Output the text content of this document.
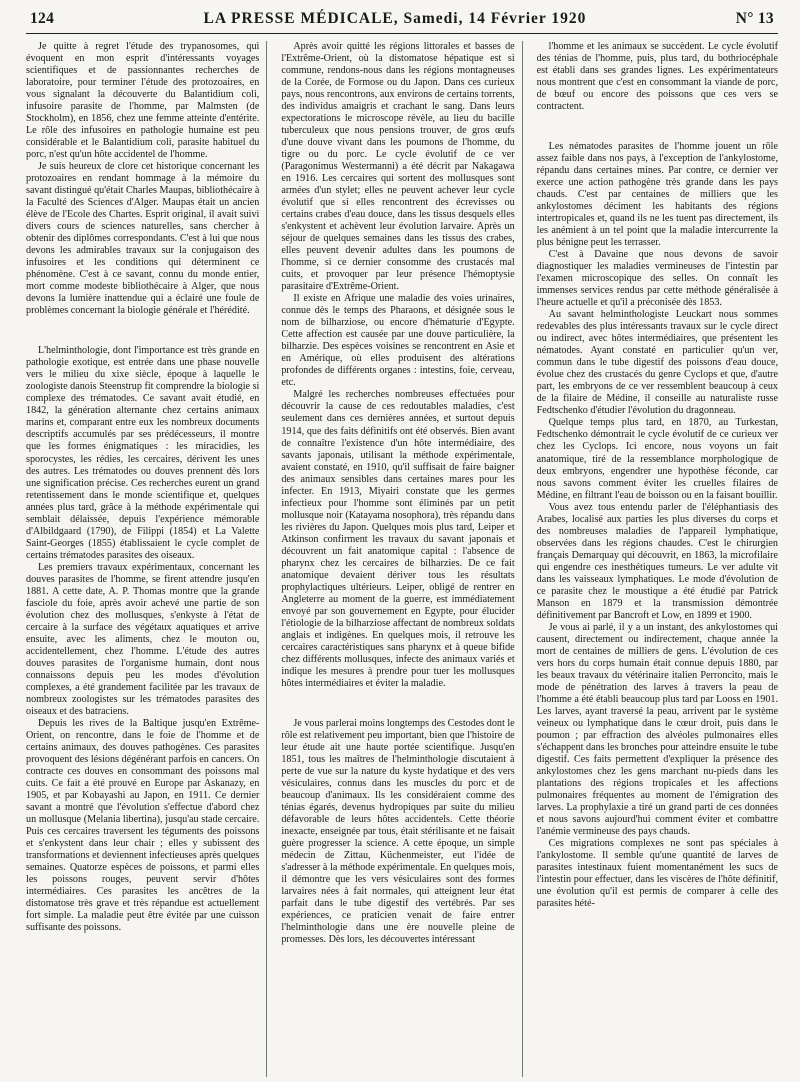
124	LA PRESSE MÉDICALE, Samedi, 14 Février 1920	N° 13

Je quitte à regret l'étude des trypanosomes, qui évoquent en mon esprit d'intéressants voyages scientifiques et de passionnantes recherches de laboratoire, pour terminer l'étude des protozoaires, en vous signalant la découverte du Balantidium coli, infusoire parasite de l'homme, par Malmsten (de Stockholm), en 1856, chez une femme atteinte d'entérite. Le rôle des infusoires en pathologie humaine est peu considérable et le Balantidium coli, parasite habituel du porc, n'est qu'un hôte accidentel de l'homme.

Je suis heureux de clore cet historique concernant les protozoaires en rendant hommage à la mémoire du savant distingué qu'était Charles Maupas, bibliothécaire à la Faculté des Sciences d'Alger. Maupas était un ancien élève de l'Ecole des Chartes. Esprit original, il avait suivi divers cours de sciences naturelles, sans chercher à obtenir des diplômes correspondants. C'est à lui que nous devons les admirables travaux sur la conjugaison des infusoires et les conditions qui déterminent ce phénomène. C'est à ce savant, connu du monde entier, mort comme modeste bibliothécaire à Alger, que nous devons la lumière inattendue qui a éclairé une foule de problèmes concernant la biologie générale et l'hérédité.

L'helminthologie, dont l'importance est très grande en pathologie exotique, est entrée dans une phase nouvelle vers le milieu du xixe siècle, époque à laquelle le zoologiste danois Steenstrup fit comprendre la biologie si complexe des trématodes. Ce savant avait étudié, en 1842, la génération alternante chez certains animaux marins et, comparant entre eux les nombreux documents descriptifs accumulés par ses prédécesseurs, il montre que les formes énigmatiques : les miracidies, les sporocystes, les rédies, les cercaires, dérivent les unes des autres. Les trématodes ou douves prennent dès lors une signification précise. Ces recherches eurent un grand retentissement dans le monde scientifique et, quelques années plus tard, grâce à la méthode expérimentale qui semblait délaissée, depuis l'expérience mémorable d'Albildgaard (1790), de Filippi (1854) et La Valette Saint-Georges (1855) établissaient le cycle complet de certains trématodes parasites des oiseaux.

Les premiers travaux expérimentaux, concernant les douves parasites de l'homme, se firent attendre jusqu'en 1881. A cette date, A. P. Thomas montre que la grande fasciole du foie, après avoir achevé une partie de son évolution chez des mollusques, s'enkyste à l'état de cercaire à la surface des végétaux aquatiques et arrive ensuite, avec les aliments, chez le mouton ou, accidentellement, chez l'homme. L'étude des autres douves parasites de l'organisme humain, dont nous connaissons depuis peu les modes d'évolution complexes, a été grandement facilitée par les travaux de nombreux zoologistes sur les trématodes parasites des oiseaux et des batraciens.

Depuis les rives de la Baltique jusqu'en Extrême-Orient, on rencontre, dans le foie de l'homme et de certains animaux, des douves pathogènes. Ces parasites provoquent des lésions dégénérant parfois en cancers. On contracte ces douves en consommant des poissons mal cuits. Ce fait a été prouvé en Europe par Askanazy, en 1905, et par Kobayashi au Japon, en 1911. Ce dernier savant a montré que l'évolution s'effectue d'abord chez un mollusque (Melania libertina), jusqu'au stade cercaire. Puis ces cercaires traversent les téguments des poissons et s'enkystent dans leur chair ; elles y subissent des transformations et deviennent infectieuses après quelques semaines. Quatorze espèces de poissons, et parmi elles les poissons rouges, peuvent servir d'hôtes intermédiaires. Ces parasites les ancêtres de la distomatose très grave et très répandue est actuellement fort simple. La maladie peut être évitée par une cuisson suffisante des poissons.

Après avoir quitté les régions littorales et basses de l'Extrême-Orient, où la distomatose hépatique est si commune, rendons-nous dans les régions montagneuses de la Corée, de Formose ou du Japon. Dans ces curieux pays, nous rencontrons, aux environs de certains torrents, des individus amaigris et crachant le sang. Dans leurs expectorations le microscope révèle, au lieu du bacille tuberculeux que nous pensions trouver, de gros œufs d'une douve vivant dans les poumons de l'homme, du tigre ou du porc. Le cycle évolutif de ce ver (Paragonimus Westermanni) a été décrit par Nakagawa en 1916. Les cercaires qui sortent des mollusques sont armées d'un stylet; elles ne peuvent achever leur cycle évolutif que si elles rencontrent des écrevisses ou certains crabes d'eau douce, dans les tissus desquels elles s'enkystent et achèvent leur évolution larvaire. Après un séjour de quelques semaines dans les tissus des crabes, elles peuvent devenir adultes dans les poumons de l'homme, si ce dernier consomme des crustacés mal cuits, et provoquer par leur présence l'hémoptysie parasitaire d'Extrême-Orient.

Il existe en Afrique une maladie des voies urinaires, connue dès le temps des Pharaons, et désignée sous le nom de bilharziose, ou encore d'hématurie d'Egypte. Cette affection est causée par une douve particulière, la bilharzie. Des espèces voisines se rencontrent en Asie et en Amérique, où elles produisent des altérations profondes de différents organes : intestins, foie, cerveau, etc.

Malgré les recherches nombreuses effectuées pour découvrir la cause de ces redoutables maladies, c'est seulement dans ces dernières années, et surtout depuis 1914, que des faits définitifs ont été observés. Bien avant de connaître l'existence d'un hôte intermédiaire, des savants japonais, utilisant la méthode expérimentale, avaient constaté, en 1910, qu'il suffisait de faire baigner des animaux sensibles dans certaines mares pour les infecter. En 1913, Miyairi constate que les germes infectieux pour l'homme sont éliminés par un petit mollusque noir (Katayama nosophora), très répandu dans les rivières du Japon. Quelques mois plus tard, Leiper et Atkinson confirment les travaux du savant japonais et découvrent un fait anatomique capital : l'absence de pharynx chez les cercaires de bilharzies. De ce fait anatomique devaient dériver tous les résultats prophylactiques ultérieurs. Leiper, obligé de rentrer en Angleterre au moment de la guerre, est immédiatement envoyé par son gouvernement en Egypte, pour élucider l'étiologie de la bilharziose affectant de nombreux soldats anglais et indigènes. En quelques mois, il retrouve les cercaires caractéristiques sans pharynx et à queue bifide chez différents mollusques, infecte des animaux variés et indique les mesures à prendre pour tuer les mollusques hôtes intermédiaires et éviter la maladie.

Je vous parlerai moins longtemps des Cestodes dont le rôle est relativement peu important, bien que l'histoire de leur étude ait une haute portée scientifique. Jusqu'en 1851, tous les maîtres de l'helminthologie discutaient à perte de vue sur la nature du kyste hydatique et des vers vésiculaires, connus dans les muscles du porc et de beaucoup d'animaux. Ils les considéraient comme des ténias égarés, devenus hydropiques par suite du milieu défavorable de leurs hôtes accidentels. Cette théorie inexacte, enseignée par tous, était stérilisante et ne faisait guère progresser la science. A cette époque, un simple médecin de Zittau, Küchenmeister, eut l'idée de s'adresser à la méthode expérimentale. En quelques mois, il démontre que les vers vésiculaires sont des formes larvaires nées à fait normales, qui atteignent leur état parfait dans le tube digestif des vertébrés. Par ses expériences, ce praticien venait de faire entrer l'helminthologie dans une ère nouvelle pleine de promesses. Dès lors, les découvertes intéressant

l'homme et les animaux se succèdent. Le cycle évolutif des ténias de l'homme, puis, plus tard, du bothriocéphale est établi dans ses grandes lignes. Les expérimentateurs nous montrent que c'est en consommant la viande de porc, de bœuf ou encore des poissons que ces vers se contractent.

Les nématodes parasites de l'homme jouent un rôle assez faible dans nos pays, à l'exception de l'ankylostome, répandu dans certaines mines. Par contre, ce dernier ver exerce une action pathogène très grande dans les pays chauds. C'est par centaines de milliers que les ankylostomes déciment les habitants des régions intertropicales et, quand ils ne les tuent pas directement, ils les anémient à un tel point que la maladie intercurrente la plus bénigne peut les terrasser.

C'est à Davaine que nous devons de savoir diagnostiquer les maladies vermineuses de l'intestin par l'examen microscopique des selles. On connaît les immenses services rendus par cette méthode généralisée à l'heure actuelle et qu'il a préconisée dès 1853.

Au savant helminthologiste Leuckart nous sommes redevables des plus intéressants travaux sur le cycle direct ou indirect, avec hôtes intermédiaires, que présentent les nématodes. Ayant constaté en particulier qu'un ver, commun dans le tube digestif des poissons d'eau douce, évolue chez des crustacés du genre Cyclops et que, d'autre part, les embryons de ce ver ressemblent beaucoup à ceux de la filaire de Médine, il conseille au naturaliste russe Fedtschenko d'étudier l'évolution du dragonneau.

Quelque temps plus tard, en 1870, au Turkestan, Fedtschenko démontrait le cycle évolutif de ce curieux ver chez les Cyclops. Ici encore, nous voyons un fait anatomique, tiré de la ressemblance morphologique de deux embryons, engendrer une hypothèse féconde, car nous savons comment éviter les cruelles filaires de Médine, en filtrant l'eau de boisson ou en la faisant bouillir.

Vous avez tous entendu parler de l'éléphantiasis des Arabes, localisé aux parties les plus diverses du corps et des nombreuses maladies de l'appareil lymphatique, observées dans les régions chaudes. C'est le chirurgien français Demarquay qui découvrit, en 1863, la microfilaire qui engendre ces inesthétiques tumeurs. Le ver adulte vit dans les vaisseaux lymphatiques. Le mode d'évolution de ce parasite chez le moustique a été étudié par Patrick Manson en 1879 et la transmission démontrée définitivement par Bancroft et Low, en 1899 et 1900.

Je vous ai parlé, il y a un instant, des ankylostomes qui causent, directement ou indirectement, chaque année la mort de centaines de milliers de gens. L'évolution de ces vers hors du corps humain était connue depuis 1880, par les beaux travaux du vétérinaire italien Perroncito, mais le mode de pénétration des larves à travers la peau de l'homme a été établi beaucoup plus tard par Looss en 1901. Les larves, ayant traversé la peau, arrivent par le système veineux ou lymphatique dans le cœur droit, puis dans le poumon ; par effraction des alvéoles pulmonaires elles s'échappent dans les bronches pour atteindre ensuite le tube digestif. Ces faits permettent d'expliquer la présence des ankylostomes chez les gens marchant nu-pieds dans les plantations des régions tropicales et les affections pulmonaires fréquentes au moment de l'émigration des larves. La prophylaxie a tiré un grand parti de ces données et nous savons aujourd'hui comment éviter et combattre l'anémie vermineuse des pays chauds.

Ces migrations complexes ne sont pas spéciales à l'ankylostome. Il semble qu'une quantité de larves de parasites intestinaux fuient momentanément les sucs de l'intestin pour effectuer, dans les viscères de l'hôte définitif, une évolution qu'il est permis de comparer à celle des parasites hété-
